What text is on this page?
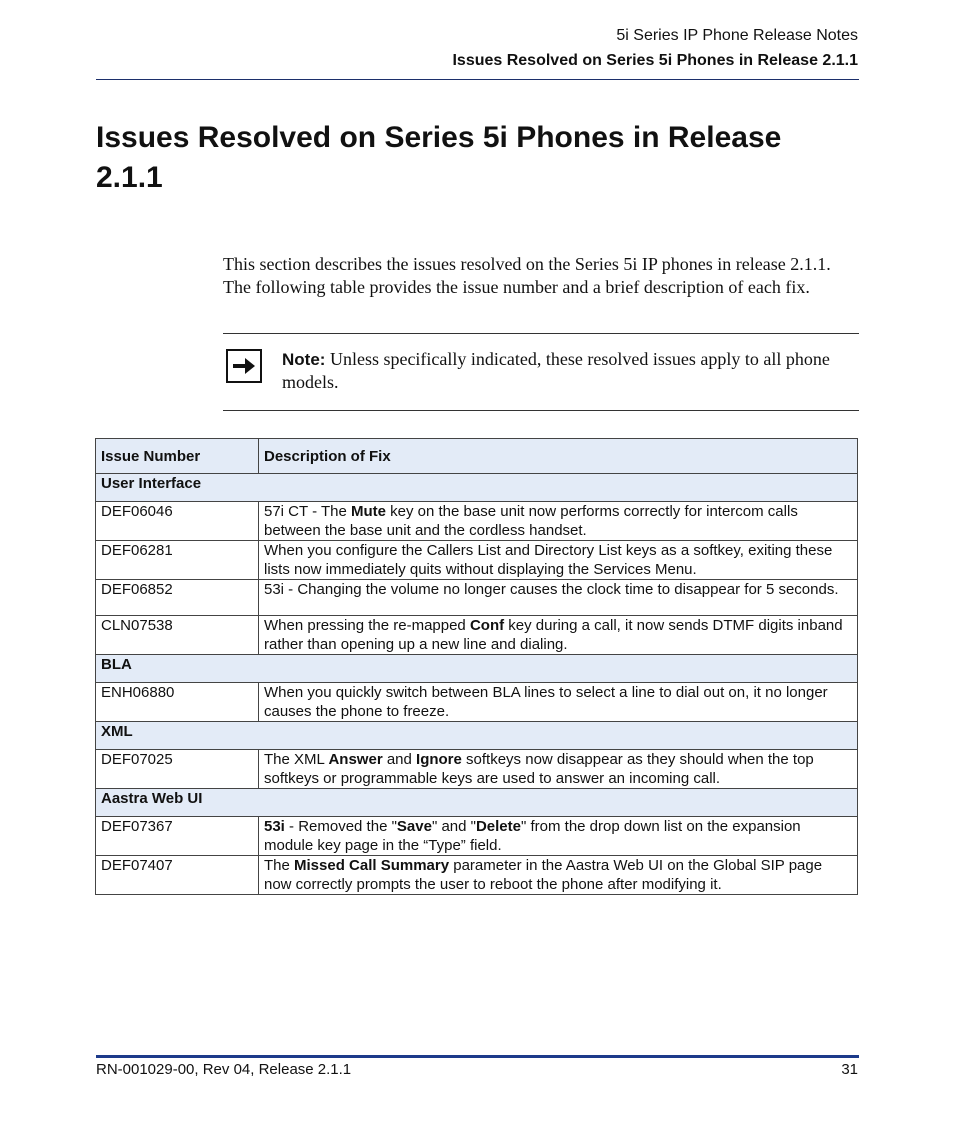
5i Series IP Phone Release Notes
Issues Resolved on Series 5i Phones in Release 2.1.1
Issues Resolved on Series 5i Phones in Release 2.1.1

This section describes the issues resolved on the Series 5i IP phones in release 2.1.1. The following table provides the issue number and a brief description of each fix.

Note: Unless specifically indicated, these resolved issues apply to all phone models.

Issue Number	Description of Fix
User Interface	
DEF06046	57i CT - The Mute key on the base unit now performs correctly for intercom calls between the base unit and the cordless handset.
DEF06281	When you configure the Callers List and Directory List keys as a softkey, exiting these lists now immediately quits without displaying the Services Menu.
DEF06852	53i - Changing the volume no longer causes the clock time to disappear for 5 seconds.
CLN07538	When pressing the re-mapped Conf key during a call, it now sends DTMF digits inband rather than opening up a new line and dialing.
BLA	
ENH06880	When you quickly switch between BLA lines to select a line to dial out on, it no longer causes the phone to freeze.
XML	
DEF07025	The XML Answer and Ignore softkeys now disappear as they should when the top softkeys or programmable keys are used to answer an incoming call.
Aastra Web UI	
DEF07367	53i - Removed the "Save" and "Delete" from the drop down list on the expansion module key page in the “Type” field.
DEF07407	The Missed Call Summary parameter in the Aastra Web UI on the Global SIP page now correctly prompts the user to reboot the phone after modifying it.
RN-001029-00, Rev 04, Release 2.1.1	31
